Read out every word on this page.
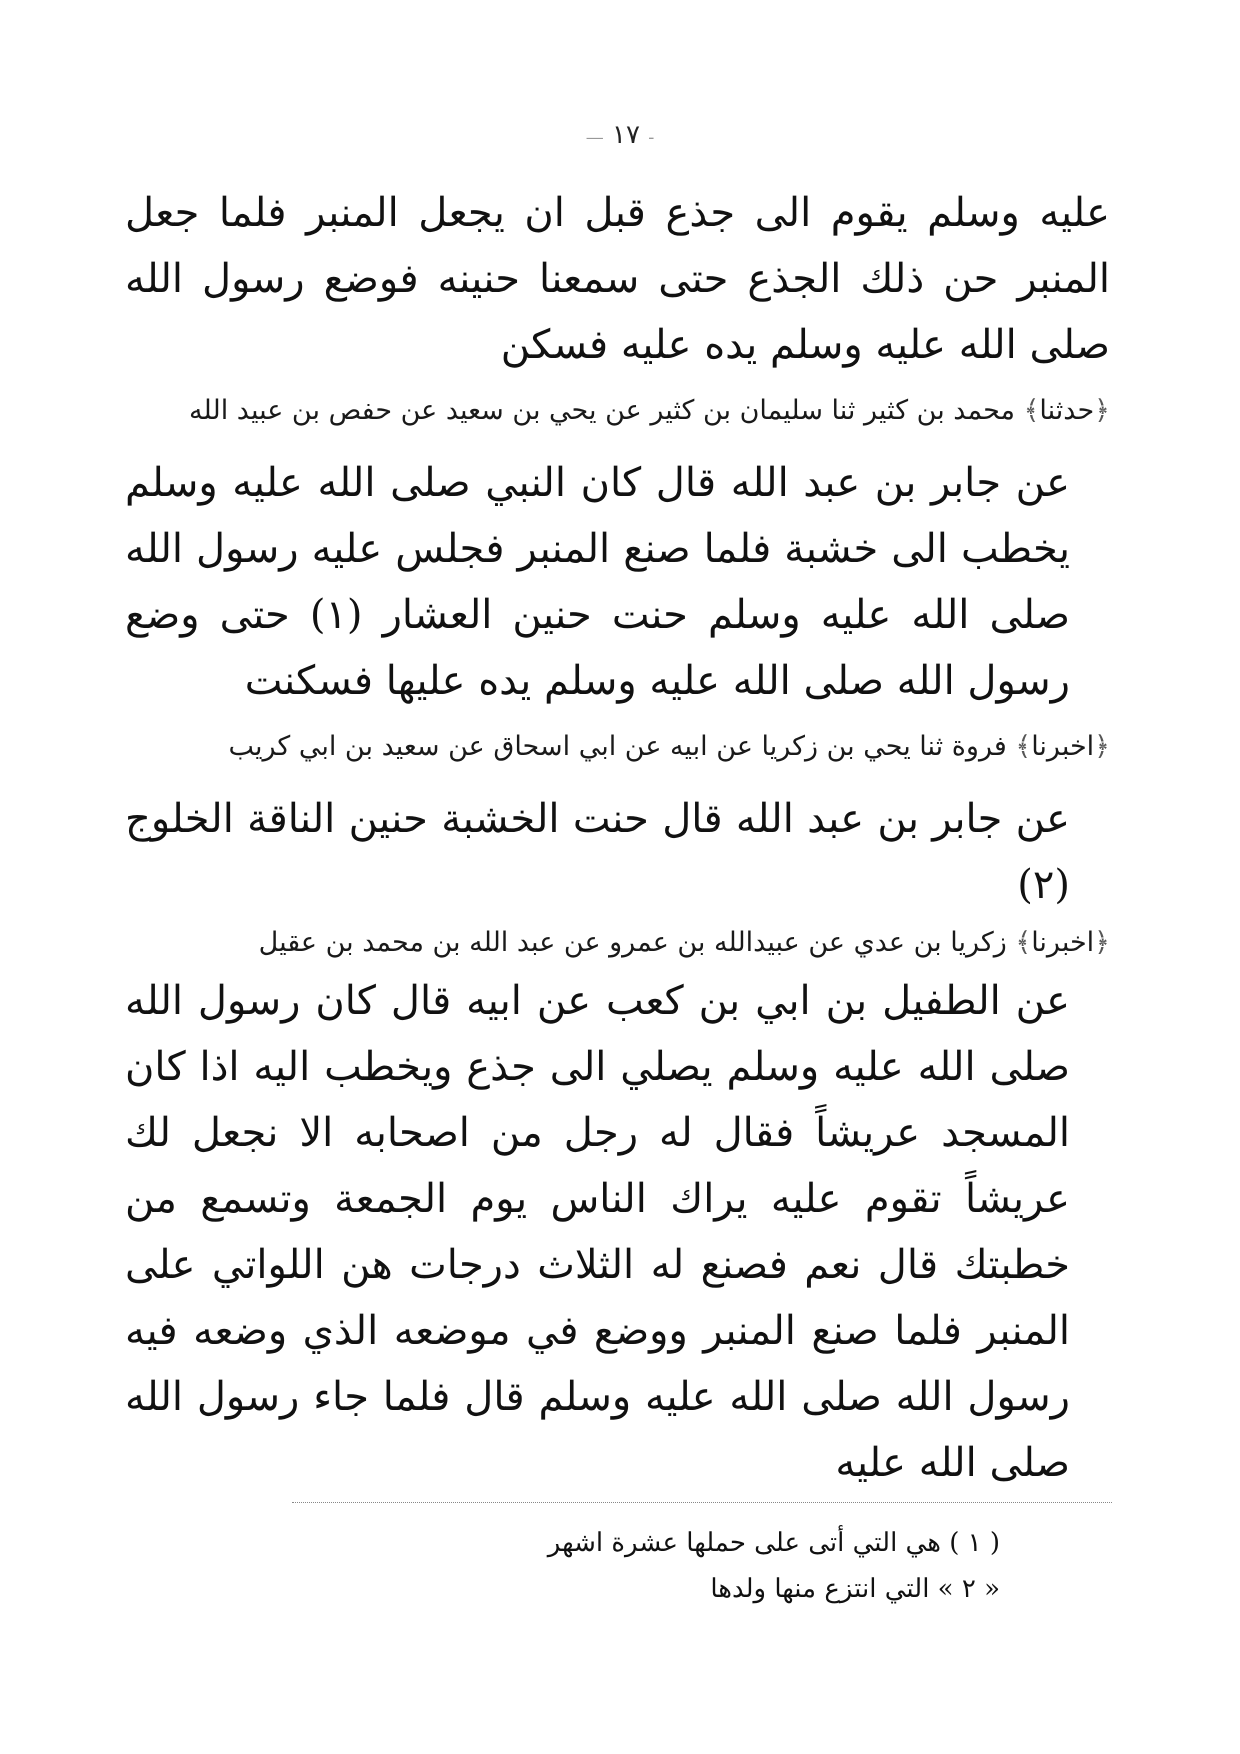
— ١٧ -

عليه وسلم يقوم الى جذع قبل ان يجعل المنبر فلما جعل المنبر حن ذلك الجذع حتى سمعنا حنينه فوضع رسول الله صلى الله عليه وسلم يده عليه فسكن

﴿حدثنا﴾ محمد بن كثير ثنا سليمان بن كثير عن يحي بن سعيد عن حفص بن عبيد الله

عن جابر بن عبد الله قال كان النبي صلى الله عليه وسلم يخطب الى خشبة فلما صنع المنبر فجلس عليه رسول الله صلى الله عليه وسلم حنت حنين العشار (١) حتى وضع رسول الله صلى الله عليه وسلم يده عليها فسكنت

﴿اخبرنا﴾ فروة ثنا يحي بن زكريا عن ابيه عن ابي اسحاق عن سعيد بن ابي كريب

عن جابر بن عبد الله قال حنت الخشبة حنين الناقة الخلوج (٢)

﴿اخبرنا﴾ زكريا بن عدي عن عبيدالله بن عمرو عن عبد الله بن محمد بن عقيل

عن الطفيل بن ابي بن كعب عن ابيه قال كان رسول الله صلى الله عليه وسلم يصلي الى جذع ويخطب اليه اذا كان المسجد عريشاً فقال له رجل من اصحابه الا نجعل لك عريشاً تقوم عليه يراك الناس يوم الجمعة وتسمع من خطبتك قال نعم فصنع له الثلاث درجات هن اللواتي على المنبر فلما صنع المنبر ووضع في موضعه الذي وضعه فيه رسول الله صلى الله عليه وسلم قال فلما جاء رسول الله صلى الله عليه

( ١ ) هي التي أتى على حملها عشرة اشهر
« ٢ » التي انتزع منها ولدها
